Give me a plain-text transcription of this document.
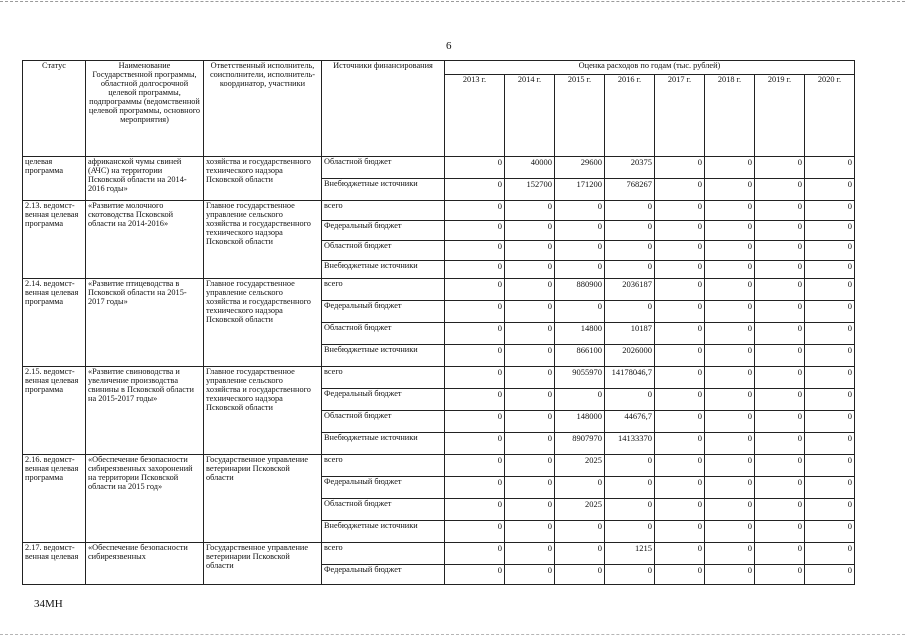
6
Статус	Наименование Государственной программы, областной долгосрочной целевой программы, подпрограммы (ведомственной целевой программы, основного мероприятия)	Ответственный исполнитель, соисполнители, исполнитель-координатор, участники	Источники финансирования	Оценка расходов по годам (тыс. рублей)							
				2013 г.	2014 г.	2015 г.	2016 г.	2017 г.	2018 г.	2019 г.	2020 г.
целевая программа	африканской чумы свиней (АЧС) на территории Псковской области на 2014-2016 годы»	хозяйства и государственного технического надзора Псковской области	Областной бюджет	0	40000	29600	20375	0	0	0	0
			Внебюджетные источники	0	152700	171200	768267	0	0	0	0
2.13. ведомст-венная целевая программа	«Развитие молочного скотоводства Псковской области на 2014-2016»	Главное государственное управление сельского хозяйства и государственного технического надзора Псковской области	всего	0	0	0	0	0	0	0	0
			Федеральный бюджет	0	0	0	0	0	0	0	0
			Областной бюджет	0	0	0	0	0	0	0	0
			Внебюджетные источники	0	0	0	0	0	0	0	0
2.14. ведомст-венная целевая программа	«Развитие птицеводства в Псковской области на 2015-2017 годы»	Главное государственное управление сельского хозяйства и государственного технического надзора Псковской области	всего	0	0	880900	2036187	0	0	0	0
			Федеральный бюджет	0	0	0	0	0	0	0	0
			Областной бюджет	0	0	14800	10187	0	0	0	0
			Внебюджетные источники	0	0	866100	2026000	0	0	0	0
2.15. ведомст-венная целевая программа	«Развитие свиноводства и увеличение производства свинины в Псковской области на 2015-2017 годы»	Главное государственное управление сельского хозяйства и государственного технического надзора Псковской области	всего	0	0	9055970	14178046,7	0	0	0	0
			Федеральный бюджет	0	0	0	0	0	0	0	0
			Областной бюджет	0	0	148000	44676,7	0	0	0	0
			Внебюджетные источники	0	0	8907970	14133370	0	0	0	0
2.16. ведомст-венная целевая программа	«Обеспечение безопасности сибиреязвенных захоронений на территории Псковской области на 2015 год»	Государственное управление ветеринарии Псковской области	всего	0	0	2025	0	0	0	0	0
			Федеральный бюджет	0	0	0	0	0	0	0	0
			Областной бюджет	0	0	2025	0	0	0	0	0
			Внебюджетные источники	0	0	0	0	0	0	0	0
2.17. ведомст-венная целевая	«Обеспечение безопасности сибиреязвенных	Государственное управление ветеринарии Псковской области	всего	0	0	0	1215	0	0	0	0
			Федеральный бюджет	0	0	0	0	0	0	0	0
34МН
